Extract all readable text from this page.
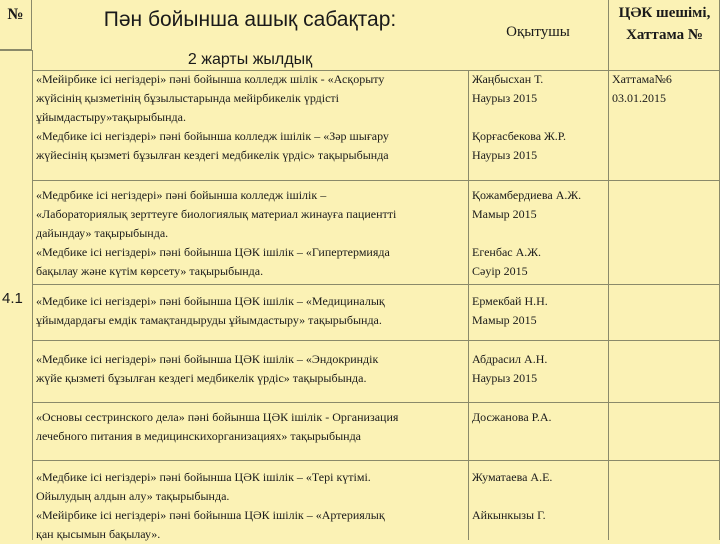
№	Пән бойынша ашық сабақтар:
Оқытушы
ЦӘК шешімі,
Хаттама №
2 жарты жылдық
4.1
«Мейірбике ісі негіздері» пәні бойынша колледж шілік - «Асқорыту
жүйсінің қызметінің бұзылыстарында мейірбикелік үрдісті
ұйымдастыру»тақырыбында.
«Медбике ісі негіздері» пәні бойынша колледж ішілік – «Зәр шығару
жүйесінің қызметі бұзылған кездегі медбикелік үрдіс» тақырыбында
Жаңбысхан Т.
Наурыз 2015
Қорғасбекова Ж.Р.
Наурыз 2015
Хаттама№6
03.01.2015
«Медрбике ісі негіздері» пәні бойынша колледж ішілік –
«Лабораториялық зерттеуге биологиялық материал жинауға пациентті
дайындау» тақырыбында.
«Медбике ісі негіздері» пәні бойынша ЦӘК ішілік – «Гипертермияда
бақылау және күтім көрсету» тақырыбында.
Қожамбердиева А.Ж.
Мамыр 2015
Егенбас А.Ж.
Сәуір 2015
«Медбике ісі негіздері» пәні бойынша ЦӘК ішілік – «Медициналық
ұйымдардағы емдік тамақтандыруды ұйымдастыру» тақырыбында.
Ермекбай Н.Н.
Мамыр 2015
«Медбике ісі негіздері» пәні бойынша ЦӘК ішілік – «Эндокриндік
жүйе қызметі бұзылған кездегі медбикелік үрдіс» тақырыбында.
Абдрасил А.Н.
Наурыз 2015
«Основы сестринского дела» пәні бойынша ЦӘК ішілік - Организация
лечебного питания в медицинскихорганизациях» тақырыбында
Досжанова Р.А.
«Медбике ісі негіздері» пәні бойынша ЦӘК ішілік – «Тері күтімі.
Ойылудың алдын алу» тақырыбында.
«Мейірбике ісі негіздері» пәні бойынша ЦӘК ішілік – «Артериялық
қан қысымын бақылау».
Жуматаева А.Е.
Айкынкызы Г.
